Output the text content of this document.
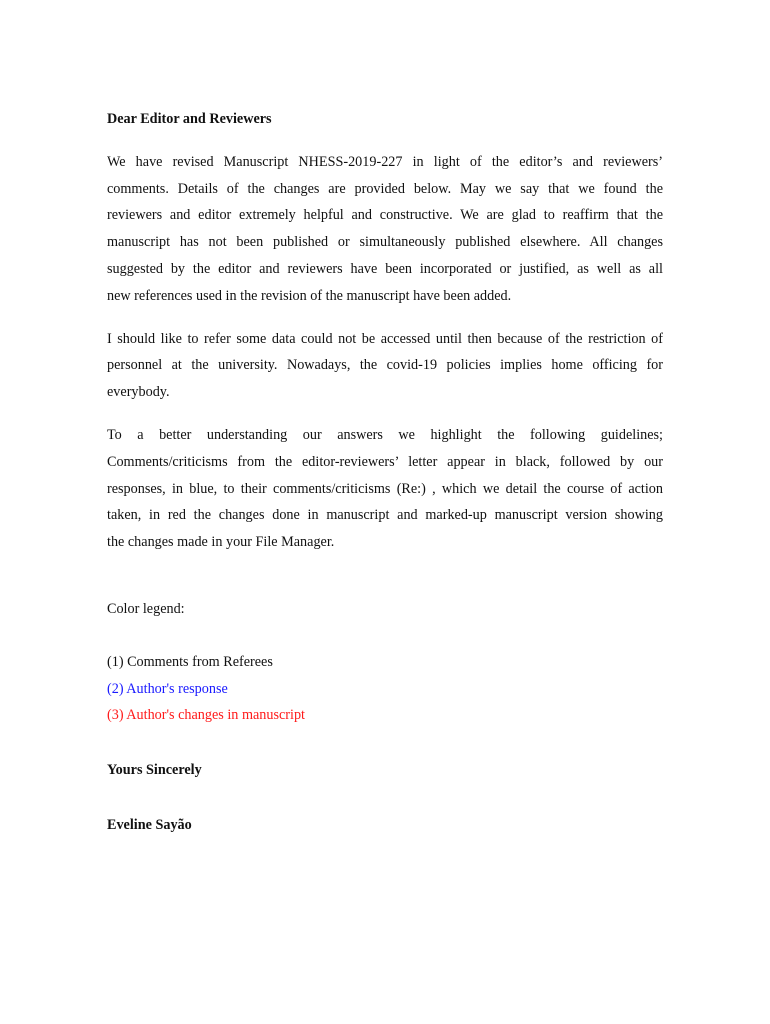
Dear Editor and Reviewers

We have revised Manuscript NHESS-2019-227 in light of the editor’s and reviewers’
comments. Details of the changes are provided below. May we say that we found the
reviewers and editor extremely helpful and constructive. We are glad to reaffirm that the
manuscript has not been published or simultaneously published elsewhere. All changes
suggested by the editor and reviewers have been incorporated or justified, as well as all
new references used in the revision of the manuscript have been added.

I should like to refer some data could not be accessed until then because of the restriction of
personnel at the university. Nowadays, the covid-19 policies implies home officing for
everybody.

To a better understanding our answers we highlight the following guidelines;
Comments/criticisms from the editor-reviewers’ letter appear in black, followed by our
responses, in blue, to their comments/criticisms (Re:) , which we detail the course of action
taken, in red the changes done in manuscript and marked-up manuscript version showing
the changes made in your File Manager.

Color legend:

(1) Comments from Referees

(2) Author's response

(3) Author's changes in manuscript

Yours Sincerely

Eveline Sayão
